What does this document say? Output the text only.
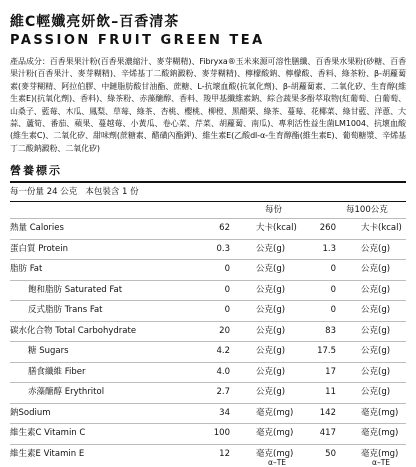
維C輕孅亮妍飲–百香清茶
PASSION FRUIT GREEN TEA
產品成分：百香果果汁粉(百香果濃縮汁、麥芽糊精)、Fibryxa®玉米來源可溶性膳纖、百香果水果粉(砂糖、百香果汁粉(百香果汁、麥芽糊精)、辛烯基丁二酸鈉澱粉、麥芽糊精)、檸檬酸鈉、檸檬酸、香料、綠茶粉、β-胡蘿蔔素(麥芽糊精、阿拉伯膠、中鏈脂肪酸甘油酯、蔗糖、L-抗壞血酸(抗氧化劑)、β-胡蘿蔔素、二氧化矽、生育醇(維生素E)(抗氧化劑)、香料)、綠茶粉、赤藻醣醇、香料、羧甲基纖維素鈉、綜合蔬果多酚萃取物(紅葡萄、白葡萄、山桑子、藍莓、木瓜、鳳梨、草莓、綠茶、杏桃、櫻桃、柳橙、黑醋栗、綠茶、蔓莓、花椰菜、綠甘藍、洋蔥、大蒜、蘆筍、番茄、蘋果、蔓越莓、小黃瓜、卷心菜、芹菜、胡蘿蔔、南瓜)、專利活性益生菌LM1004、抗壞血酸(維生素C)、二氧化矽、甜味劑(蔗糖素、醋磺內酯鉀)、維生素E(乙酸dl-α-生育醇酯(維生素E)、葡萄糖漿、辛烯基丁二酸鈉澱粉、二氧化矽)
營養標示
每一份量 24 公克 本包裝含 1 份
每份	每100公克
熱量 Calories	62	大卡(kcal)	260	大卡(kcal)
蛋白質 Protein	0.3	公克(g)	1.3	公克(g)
脂肪 Fat	0	公克(g)	0	公克(g)
飽和脂肪 Saturated Fat	0	公克(g)	0	公克(g)
反式脂肪 Trans Fat	0	公克(g)	0	公克(g)
碳水化合物 Total Carbohydrate	20	公克(g)	83	公克(g)
糖 Sugars	4.2	公克(g)	17.5	公克(g)
膳食纖維 Fiber	4.0	公克(g)	17	公克(g)
赤藻醣醇 Erythritol	2.7	公克(g)	11	公克(g)
鈉Sodium	34	毫克(mg)	142	毫克(mg)
維生素C Vitamin C	100	毫克(mg)	417	毫克(mg)
維生素E Vitamin E	12	毫克(mg)	50	毫克(mg)
α–TE	α–TE
